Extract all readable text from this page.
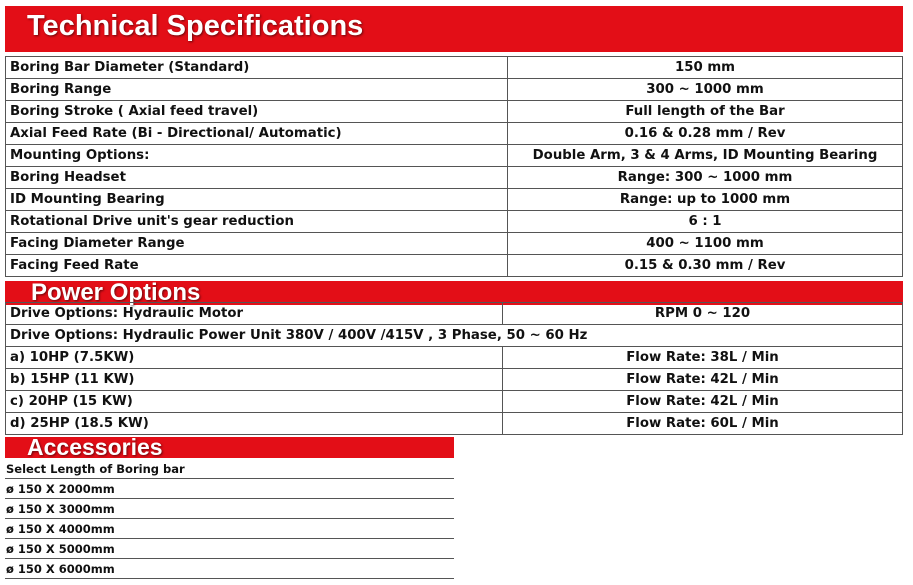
Technical Specifications
Boring Bar Diameter (Standard)	150 mm
Boring Range	300 ~ 1000 mm
Boring Stroke ( Axial feed travel)	Full length of the Bar
Axial Feed Rate (Bi - Directional/ Automatic)	0.16 & 0.28 mm / Rev
Mounting Options:	Double Arm, 3 & 4 Arms, ID Mounting Bearing
Boring Headset	Range: 300 ~ 1000 mm
ID Mounting Bearing	Range: up to 1000 mm
Rotational Drive unit's gear reduction	6 : 1
Facing Diameter Range	400 ~ 1100 mm
Facing Feed Rate	0.15 & 0.30 mm / Rev
Power Options
Drive Options: Hydraulic Motor	RPM 0 ~ 120
Drive Options: Hydraulic Power Unit 380V / 400V /415V , 3 Phase, 50 ~ 60 Hz	
a) 10HP (7.5KW)	Flow Rate: 38L / Min
b) 15HP (11 KW)	Flow Rate: 42L / Min
c) 20HP (15 KW)	Flow Rate: 42L / Min
d) 25HP (18.5 KW)	Flow Rate: 60L / Min
Accessories
Select Length of Boring bar
ø 150 X 2000mm
ø 150 X 3000mm
ø 150 X 4000mm
ø 150 X 5000mm
ø 150 X 6000mm
